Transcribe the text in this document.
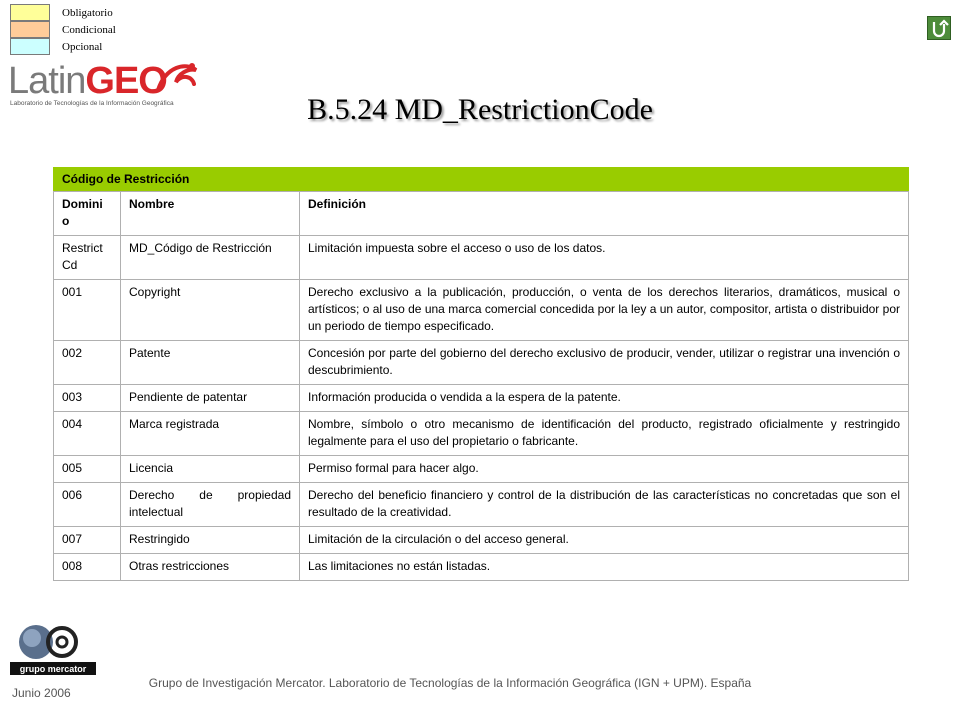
Obligatorio
Condicional
Opcional
LatinGEO
Laboratorio de Tecnologías de la Información Geográfica	B.5.24 MD_RestrictionCode
Código de Restricción
Domini o	Nombre	Definición
Restrict Cd	MD_Código de Restricción	Limitación impuesta sobre el acceso o uso de los datos.
001	Copyright	Derecho exclusivo a la publicación, producción, o venta de los derechos literarios, dramáticos, musical o artísticos; o al uso de una marca comercial concedida por la ley a un autor, compositor, artista o distribuidor por un periodo de tiempo especificado.
002	Patente	Concesión por parte del gobierno del derecho exclusivo de producir, vender, utilizar o registrar una invención o descubrimiento.
003	Pendiente de patentar	Información producida o vendida a la espera de la patente.
004	Marca registrada	Nombre, símbolo o otro mecanismo de identificación del producto, registrado oficialmente y restringido legalmente para el uso del propietario o fabricante.
005	Licencia	Permiso formal para hacer algo.
006	Derecho de propiedad intelectual	Derecho del beneficio financiero y control de la distribución de las características no concretadas que son el resultado de la creatividad.
007	Restringido	Limitación de la circulación o del acceso general.
008	Otras restricciones	Las limitaciones no están listadas.
grupo mercator
Junio 2006
Grupo de Investigación Mercator. Laboratorio de Tecnologías de la Información Geográfica (IGN + UPM). España
